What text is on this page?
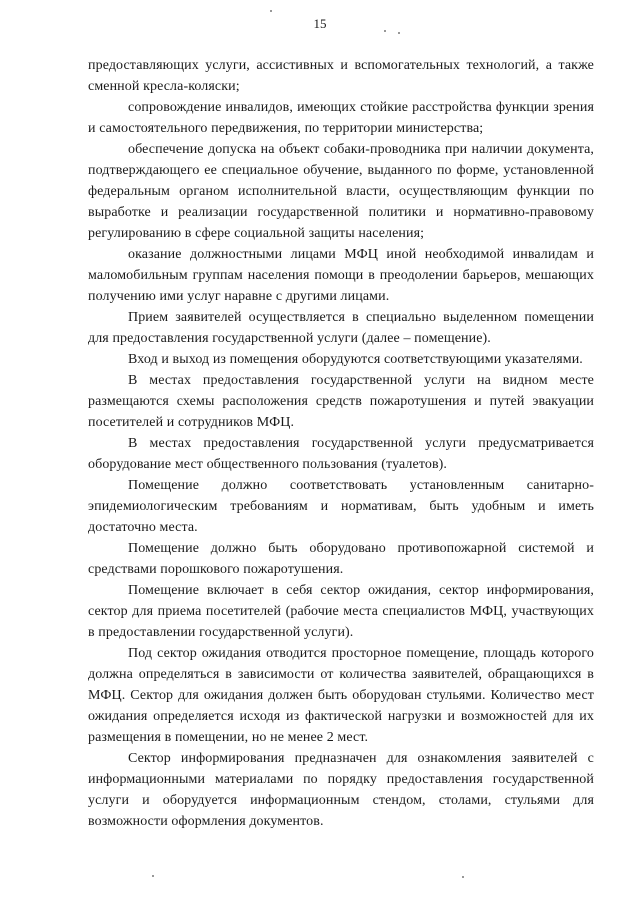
15

предоставляющих услуги, ассистивных и вспомогательных технологий, а также сменной кресла-коляски;

сопровождение инвалидов, имеющих стойкие расстройства функции зрения и самостоятельного передвижения, по территории министерства;

обеспечение допуска на объект собаки-проводника при наличии документа, подтверждающего ее специальное обучение, выданного по форме, установленной федеральным органом исполнительной власти, осуществляющим функции по выработке и реализации государственной политики и нормативно-правовому регулированию в сфере социальной защиты населения;

оказание должностными лицами МФЦ иной необходимой инвалидам и маломобильным группам населения помощи в преодолении барьеров, мешающих получению ими услуг наравне с другими лицами.

Прием заявителей осуществляется в специально выделенном помещении для предоставления государственной услуги (далее – помещение).

Вход и выход из помещения оборудуются соответствующими указателями.

В местах предоставления государственной услуги на видном месте размещаются схемы расположения средств пожаротушения и путей эвакуации посетителей и сотрудников МФЦ.

В местах предоставления государственной услуги предусматривается оборудование мест общественного пользования (туалетов).

Помещение должно соответствовать установленным санитарно-эпидемиологическим требованиям и нормативам, быть удобным и иметь достаточно места.

Помещение должно быть оборудовано противопожарной системой и средствами порошкового пожаротушения.

Помещение включает в себя сектор ожидания, сектор информирования, сектор для приема посетителей (рабочие места специалистов МФЦ, участвующих в предоставлении государственной услуги).

Под сектор ожидания отводится просторное помещение, площадь которого должна определяться в зависимости от количества заявителей, обращающихся в МФЦ. Сектор для ожидания должен быть оборудован стульями. Количество мест ожидания определяется исходя из фактической нагрузки и возможностей для их размещения в помещении, но не менее 2 мест.

Сектор информирования предназначен для ознакомления заявителей с информационными материалами по порядку предоставления государственной услуги и оборудуется информационным стендом, столами, стульями для возможности оформления документов.
